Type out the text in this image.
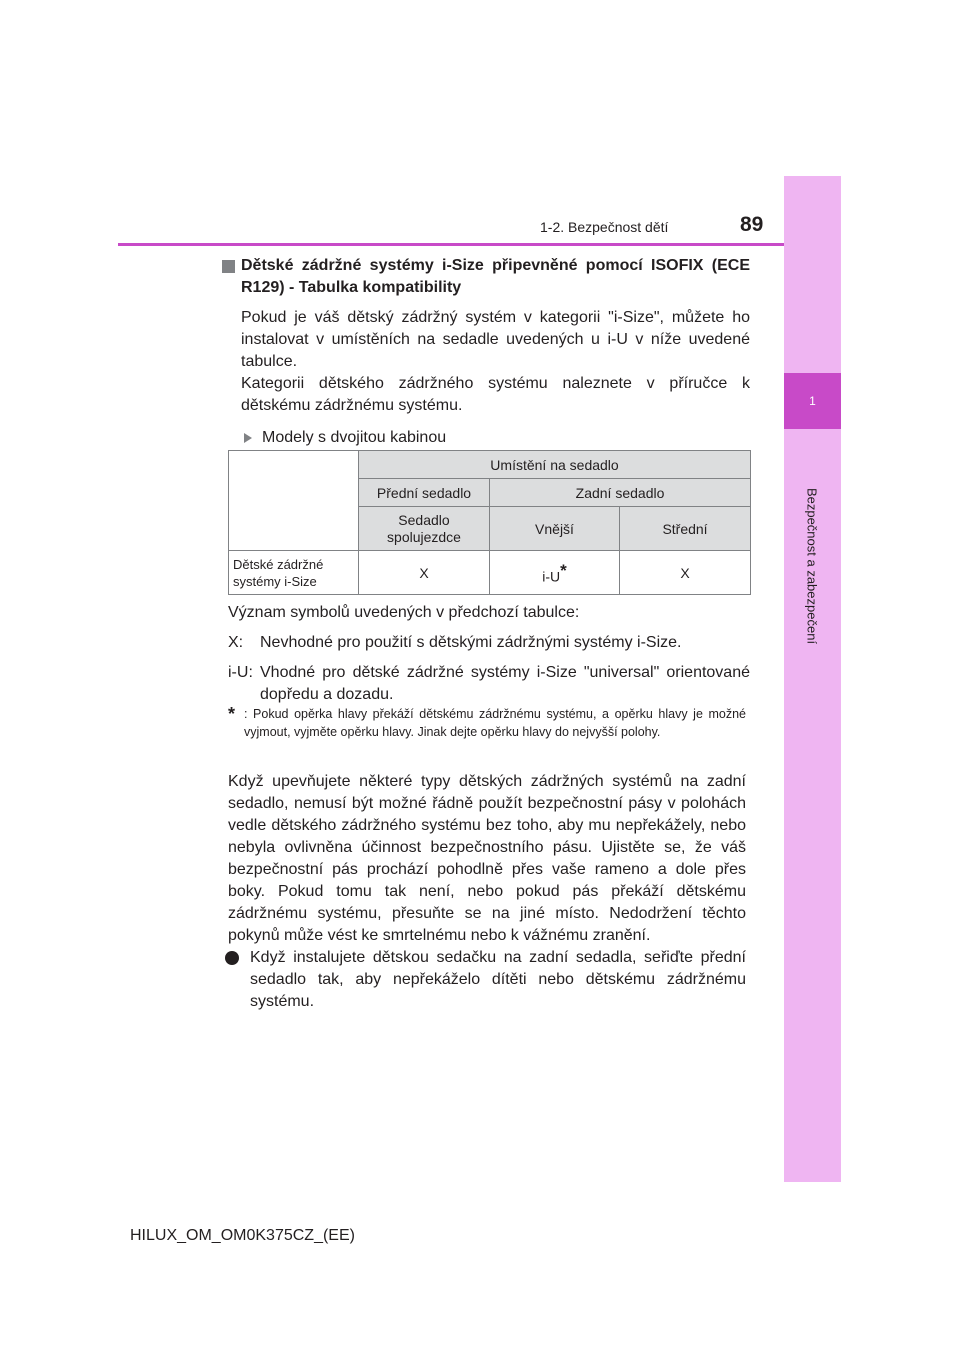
1
Bezpečnost a zabezpečení
1-2. Bezpečnost dětí	89
Dětské zádržné systémy i-Size připevněné pomocí ISOFIX (ECE R129) - Tabulka kompatibility
Pokud je váš dětský zádržný systém v kategorii "i-Size", můžete ho instalovat v umístěních na sedadle uvedených u i-U v níže uvedené tabulce.
Kategorii dětského zádržného systému naleznete v příručce k dětskému zádržnému systému.
Modely s dvojitou kabinou
	Umístění na sedadlo		
	Přední sedadlo	Zadní sedadlo	
	Sedadlo spolujezdce	Vnější	Střední
Dětské zádržné systémy i-Size	X	i-U*	X
Význam symbolů uvedených v předchozí tabulce:
X:	Nevhodné pro použití s dětskými zádržnými systémy i-Size.
i-U: Vhodné pro dětské zádržné systémy i-Size "universal" orientované dopředu a dozadu.
* : Pokud opěrka hlavy překáží dětskému zádržnému systému, a opěrku hlavy je možné vyjmout, vyjměte opěrku hlavy. Jinak dejte opěrku hlavy do nejvyšší polohy.
Když upevňujete některé typy dětských zádržných systémů na zadní sedadlo, nemusí být možné řádně použít bezpečnostní pásy v polohách vedle dětského zádržného systému bez toho, aby mu nepřekážely, nebo nebyla ovlivněna účinnost bezpečnostního pásu. Ujistěte se, že váš bezpečnostní pás prochází pohodlně přes vaše rameno a dole přes boky. Pokud tomu tak není, nebo pokud pás překáží dětskému zádržnému systému, přesuňte se na jiné místo. Nedodržení těchto pokynů může vést ke smrtelnému nebo k vážnému zranění.
Když instalujete dětskou sedačku na zadní sedadla, seřiďte přední sedadlo tak, aby nepřekáželo dítěti nebo dětskému zádržnému systému.
HILUX_OM_OM0K375CZ_(EE)
